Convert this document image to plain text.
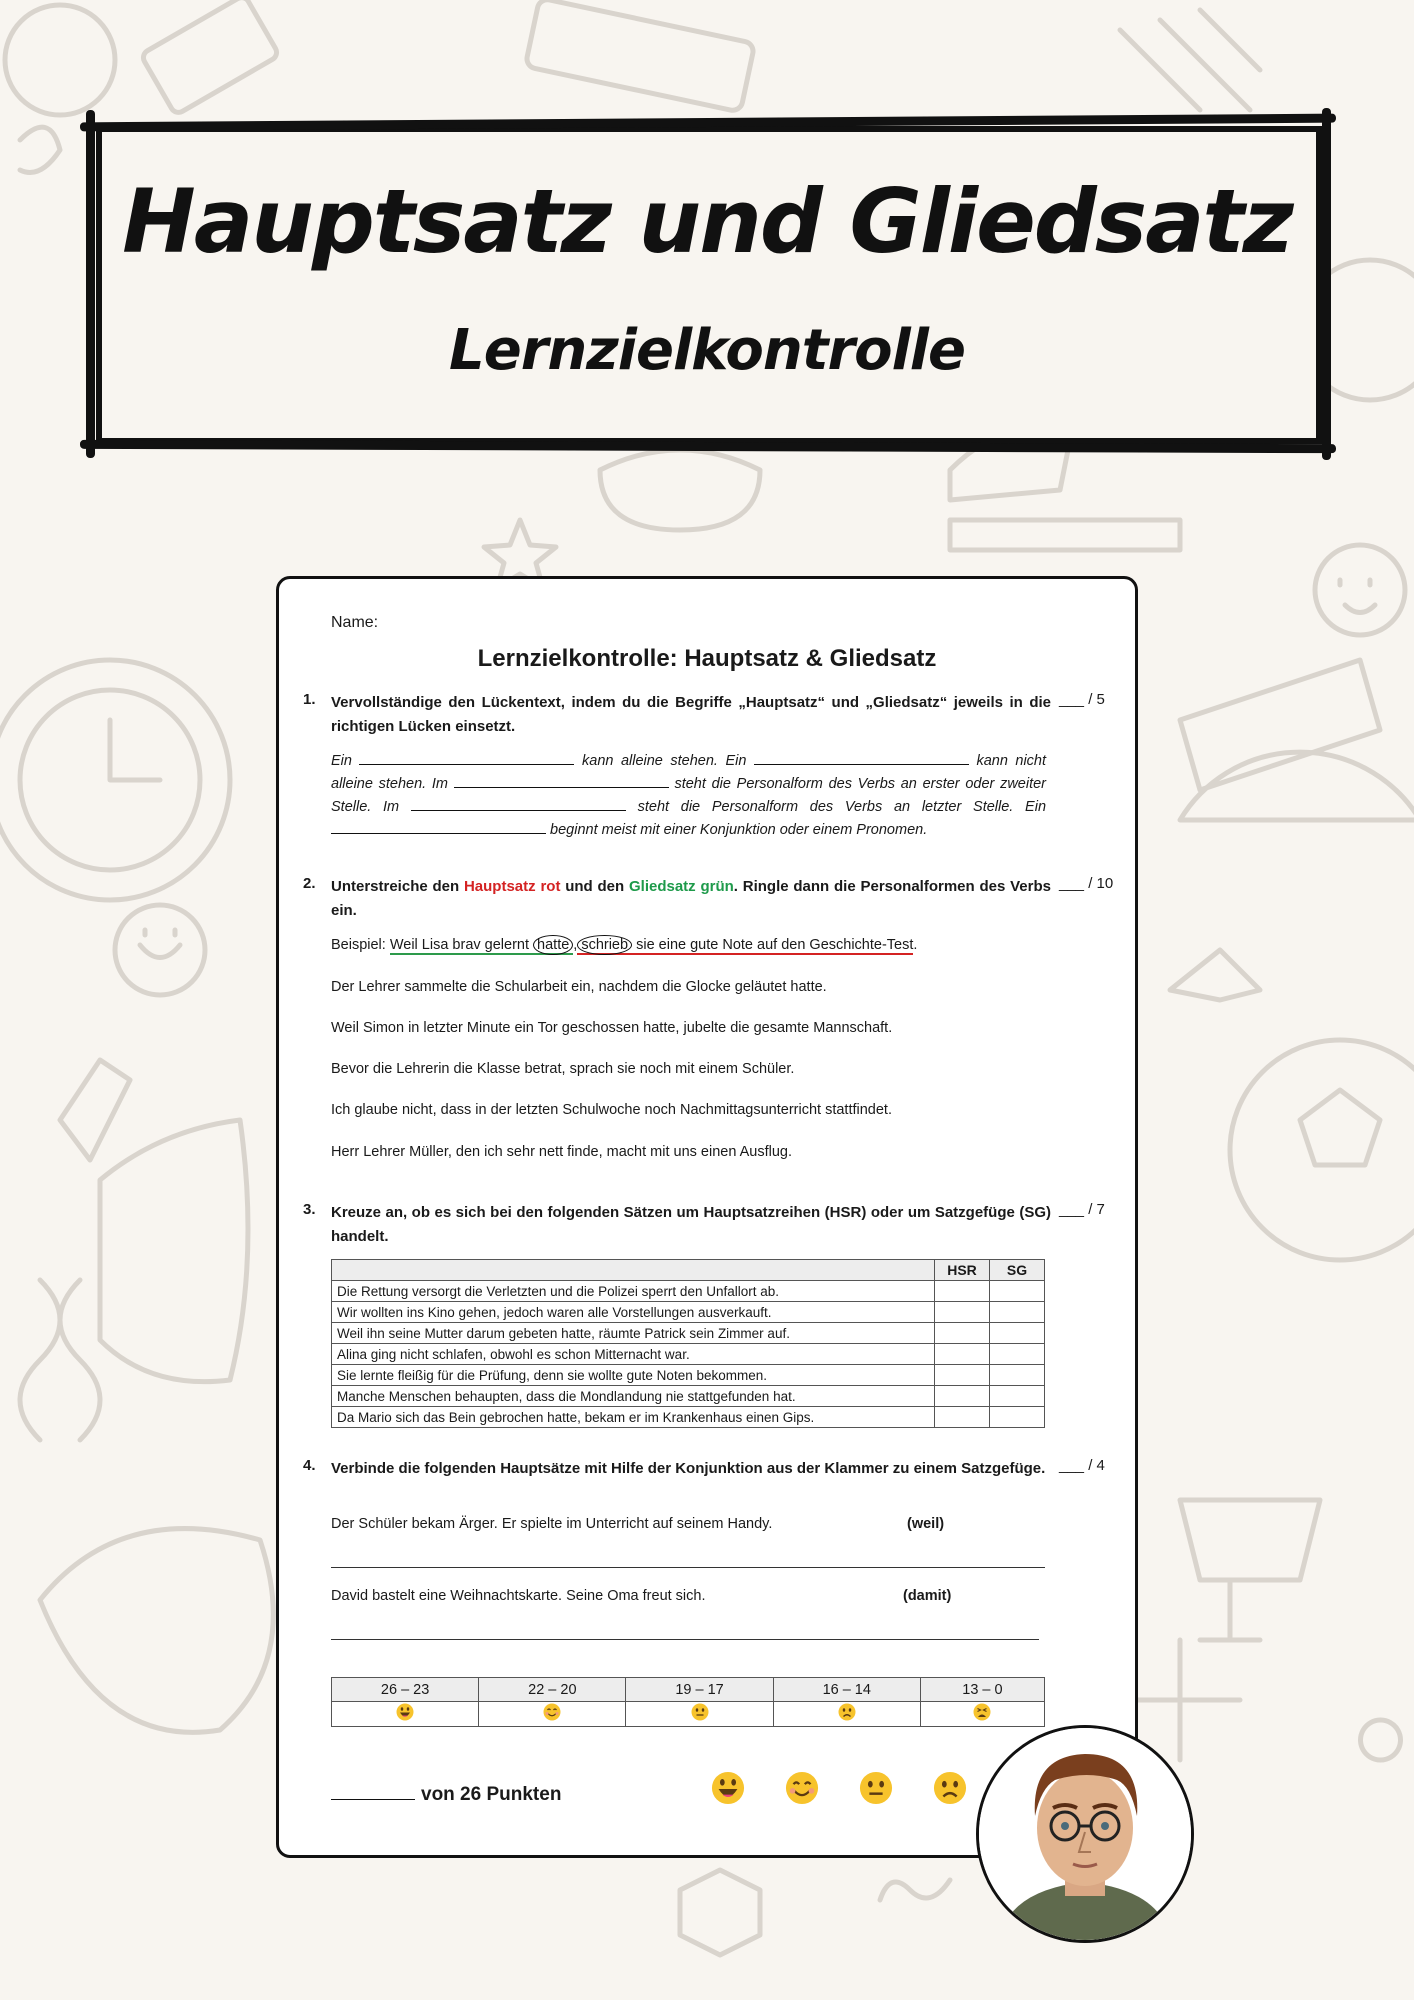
Hauptsatz und Gliedsatz
Lernzielkontrolle
Name:
Lernzielkontrolle: Hauptsatz & Gliedsatz
1. Vervollständige den Lückentext, indem du die Begriffe „Hauptsatz“ und „Gliedsatz“ jeweils in die richtigen Lücken einsetzt.
___ / 5
Ein	kann alleine stehen. Ein	kann nicht alleine stehen. Im	steht die Personalform des Verbs an erster oder zweiter Stelle. Im	steht die Personalform des Verbs an letzter Stelle. Ein  beginnt meist mit einer Konjunktion oder einem Pronomen.
2. Unterstreiche den Hauptsatz rot und den Gliedsatz grün. Ringle dann die Personalformen des Verbs ein.
___ / 10
Beispiel: Weil Lisa brav gelernt hatte , schrieb sie eine gute Note auf den Geschichte-Test.
Der Lehrer sammelte die Schularbeit ein, nachdem die Glocke geläutet hatte.
Weil Simon in letzter Minute ein Tor geschossen hatte, jubelte die gesamte Mannschaft.
Bevor die Lehrerin die Klasse betrat, sprach sie noch mit einem Schüler.
Ich glaube nicht, dass in der letzten Schulwoche noch Nachmittagsunterricht stattfindet.
Herr Lehrer Müller, den ich sehr nett finde, macht mit uns einen Ausflug.
3. Kreuze an, ob es sich bei den folgenden Sätzen um Hauptsatzreihen (HSR) oder um Satzgefüge (SG) handelt.
___ / 7
	HSR	SG
Die Rettung versorgt die Verletzten und die Polizei sperrt den Unfallort ab.		
Wir wollten ins Kino gehen, jedoch waren alle Vorstellungen ausverkauft.		
Weil ihn seine Mutter darum gebeten hatte, räumte Patrick sein Zimmer auf.		
Alina ging nicht schlafen, obwohl es schon Mitternacht war.		
Sie lernte fleißig für die Prüfung, denn sie wollte gute Noten bekommen.		
Manche Menschen behaupten, dass die Mondlandung nie stattgefunden hat.		
Da Mario sich das Bein gebrochen hatte, bekam er im Krankenhaus einen Gips.		
4. Verbinde die folgenden Hauptsätze mit Hilfe der Konjunktion aus der Klammer zu einem Satzgefüge. ___ / 4
Der Schüler bekam Ärger. Er spielte im Unterricht auf seinem Handy.	(weil)
David bastelt eine Weihnachtskarte. Seine Oma freut sich.	(damit)
26 – 23	22 – 20	19 – 17	16 – 14	13 – 0

von 26 Punkten
